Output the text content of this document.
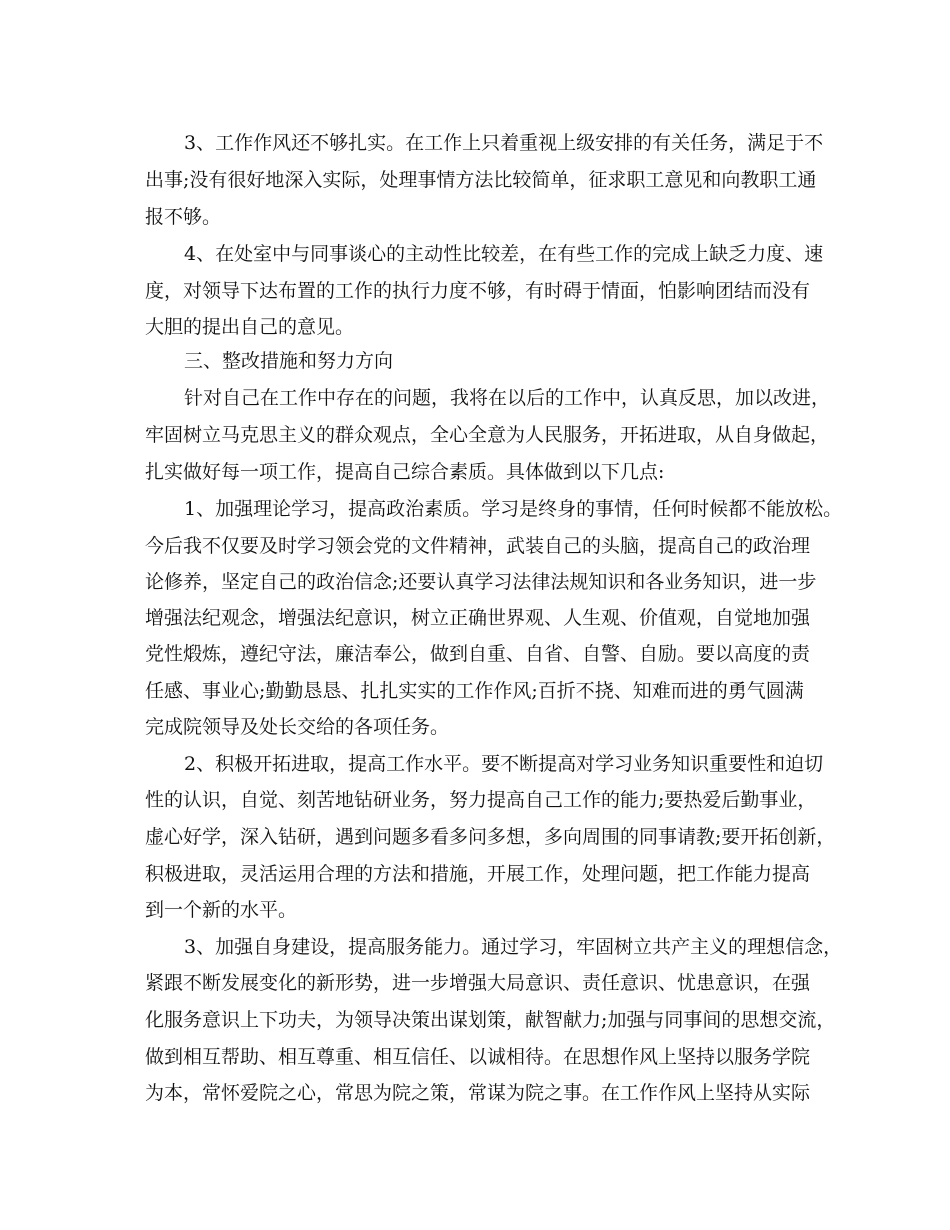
3、工作作风还不够扎实。在工作上只着重视上级安排的有关任务，满足于不

出事;没有很好地深入实际，处理事情方法比较简单，征求职工意见和向教职工通

报不够。

4、在处室中与同事谈心的主动性比较差，在有些工作的完成上缺乏力度、速

度，对领导下达布置的工作的执行力度不够，有时碍于情面，怕影响团结而没有

大胆的提出自己的意见。

三、整改措施和努力方向

针对自己在工作中存在的问题，我将在以后的工作中，认真反思，加以改进，

牢固树立马克思主义的群众观点，全心全意为人民服务，开拓进取，从自身做起，

扎实做好每一项工作，提高自己综合素质。具体做到以下几点:

1、加强理论学习，提高政治素质。学习是终身的事情，任何时候都不能放松。

今后我不仅要及时学习领会党的文件精神，武装自己的头脑，提高自己的政治理

论修养，坚定自己的政治信念;还要认真学习法律法规知识和各业务知识，进一步

增强法纪观念，增强法纪意识，树立正确世界观、人生观、价值观，自觉地加强

党性煅炼，遵纪守法，廉洁奉公，做到自重、自省、自警、自励。要以高度的责

任感、事业心;勤勤恳恳、扎扎实实的工作作风;百折不挠、知难而进的勇气圆满

完成院领导及处长交给的各项任务。

2、积极开拓进取，提高工作水平。要不断提高对学习业务知识重要性和迫切

性的认识，自觉、刻苦地钻研业务，努力提高自己工作的能力;要热爱后勤事业，

虚心好学，深入钻研，遇到问题多看多问多想，多向周围的同事请教;要开拓创新，

积极进取，灵活运用合理的方法和措施，开展工作，处理问题，把工作能力提高

到一个新的水平。

3、加强自身建设，提高服务能力。通过学习，牢固树立共产主义的理想信念，

紧跟不断发展变化的新形势，进一步增强大局意识、责任意识、忧患意识，在强

化服务意识上下功夫，为领导决策出谋划策，献智献力;加强与同事间的思想交流，

做到相互帮助、相互尊重、相互信任、以诚相待。在思想作风上坚持以服务学院

为本，常怀爱院之心，常思为院之策，常谋为院之事。在工作作风上坚持从实际
